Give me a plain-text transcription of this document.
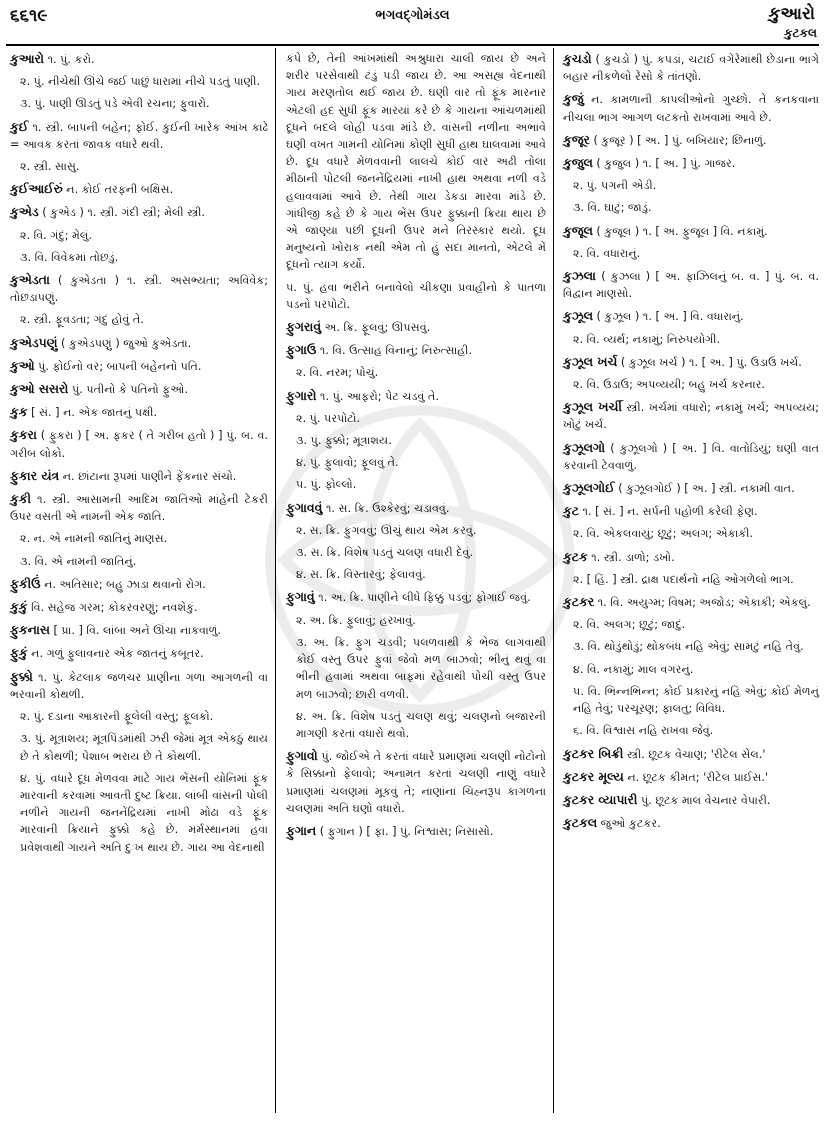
૬૬૧૯	ભગવદ્ગોમંડલ	કુઆરો
કુટકલ
કુઆરો ૧. પું. કરો.
૨. પું. નીચેથી ઊંચે જઈ પાછું ધારામાં નીચે પડતું પાણી.
૩. પું. પાણી ઊડતું પડે એવી રચના; ફુવારો.
કુઈ ૧. સ્ત્રી. બાપની બહેન; ફોઈ. કુઈની ખારેક આંખ કાઢે = આવક કરતાં જાવક વધારે થવી.
૨. સ્ત્રી. સાસુ.
કુઈઆઈરું ન. કોઈ તરફની બક્ષિસ.
કુએડ ( કુએડ ) ૧. સ્ત્રી. ગંદી સ્ત્રી; મેલી સ્ત્રી.
૨. વિ. ગંદું; મેલું.
૩. વિ. વિવેકમાં તોછડું.
કુએડતા ( કુએડતા ) ૧. સ્ત્રી. અસભ્યતા; અવિવેક; તોછડાપણું.
૨. સ્ત્રી. ફૂવડતા; ગંદું હોવું તે.
કુએડપણું ( કુએડપણું ) જુઓ કુએડતા.
કુઓ પું. ફોઈનો વર; બાપની બહેનનો પતિ.
કુઓ સસરો પું. પતીનો કે પતિનો ફુઓ.
કુક [ સં. ] ન. એક જાતનું પક્ષી.
કુકરા ( ફુકરા ) [ અ. ફકર ( તે ગરીબ હતો ) ] પું. બ. વ. ગરીબ લોકો.
ફુકાર યંત્ર ન. છાંટાના રૂપમાં પાણીને ફેંકનાર સંચો.
કુકી ૧. સ્ત્રી. આસામની આદિમ જાતિઓ માંહેની ટેકરી ઉપર વસતી એ નામની એક જાતિ.
૨. ન. એ નામની જાતિનું માણસ.
૩. વિ. એ નામની જાતિનું.
ફુકીઉં ન. અતિસાર; બહુ ઝાડા થવાનો રોગ.
કુકું વિ. સહેજ ગરમ; કોકરવરણું; નવશેકું.
ફુકનાસ [ પ્રા. ] વિ. લાંબા અને ઊંચા નાકવાળું.
ફુકું ન. ગળું ફુલાવનાર એક જાતનું કબૂતર.
ફુક્કો ૧. પું. કેટલાક જળચર પ્રાણીના ગળા આગળની વા ભરવાની કોથળી.
૨. પું. દડાના આકારની ફૂલેલી વસ્તુ; ફૂલકો.
૩. પું. મૂત્રાશય; મૂત્રપિંડમાંથી ઝરી જેમાં મૂત્ર એકઠું થાય છે તે કોથળી; પેશાબ ભરાય છે તે કોથળી.
૪. પું. વધારે દૂધ મેળવવા માટે ગાય ભેંસની યોનિમાં ફૂંક મારવાની કરવામાં આવતી દુષ્ટ ક્રિયા. લાંબી વાંસની પોલી નળીને ગાયની જનનેંદ્રિયમાં નાખી મોઢા વડે ફૂંક મારવાની ક્રિયાને ફુક્કો કહે છે. મર્મસ્થાનમાં હવા પ્રવેશવાથી ગાયને અતિ દુઃખ થાય છે. ગાય આ વેદનાથી
કંપે છે, તેની આંખમાંથી અશ્રુધારા ચાલી જાય છે અને શરીર પરસેવાથી ટંડું પડી જાય છે. આ અસહ્ય વેદનાથી ગાય મરણતોલ થઈ જાય છે. ઘણી વાર તો ફૂંક મારનાર એટલી હદ સુધી ફૂંક મારયાં કરે છે કે ગાયના આંચળમાંથી દૂધને બદલે લોહી પડવા માંડે છે. વાંસની નળીના અભાવે ઘણી વખત ગામની યોનિમાં કોણી સુધી હાથ ઘાલવામાં આવે છે. દૂધ વધારે મેળવવાની લાલચે કોઈ વાર અઢી તોલા મીઠાની પોટલી જનનેંદ્રિયમાં નાખી હાથ અથવા નળી વડે હલાવવામાં આવે છે. તેથી ગાય ડેકડા મારવા માંડે છે. ગાંધીજી કહે છે કે ગાય ભેંસ ઉપર ફુક્કાની ક્રિયા થાય છે એ જાણ્યા પછી દૂધની ઉપર મને તિરસ્કાર થયો. દૂધ મનુષ્યનો ખોરાક નથી એમ તો હું સદા માનતો, એટલે મેં દૂધનો ત્યાગ કર્યો.
૫. પું. હવા ભરીને બનાવેલો ચીકણા પ્રવાહીનો કે પાતળા પડનો પરપોટો.
ફુગરાવું અ. ક્રિ. ફૂલવું; ઊપસવું.
ફુગાઉ ૧. વિ. ઉત્સાહ વિનાનું; નિરુત્સાહી.
૨. વિ. નરમ; પોચું.
ફુગારો ૧. પું. આફરો; પેટ ચડવું તે.
૨. પું. પરપોટો.
૩. પું. ફુક્કો; મૂત્રાશય.
૪. પું. ફુલાવો; ફૂલવું તે.
૫. પું. ફોલ્લો.
ફુગાવવું ૧. સ. ક્રિ. ઉશ્કેરવું; ચડાવવું.
૨. સ. ક્રિ. ફુગવવું; ઊંચું થાય એમ કરવું.
૩. સ. ક્રિ. વિશેષ પડતું ચલણ વધારી દેવું.
૪. સ. ક્રિ. વિસ્તારવું; ફેલાવવું.
ફુગાવું ૧. અ. ક્રિ. પાણીને લીધે ફિક્કું પડવું; ફોગાઈ જવું.
૨. અ. ક્રિ. ફુલાવું; હરખાવું.
૩. અ. ક્રિ. ફુગ ચડવી; પલળવાથી કે ભેજ લાગવાથી કોઈ વસ્તુ ઉપર ફુવાં જેવો મળ બાઝવો; ભીનું થવું વા ભીની હવામાં અથવા બાફમાં રહેવાથી પોચી વસ્તુ ઉપર મળ બાઝવો; છારી વળવી.
૪. અ. ક્રિ. વિશેષ પડતું ચલણ થવું; ચલણનો બજારની માગણી કરતાં વધારો થવો.
ફુગાવો પું. જોઈએ તે કરતાં વધારે પ્રમાણમાં ચલણી નોટોનો કે સિક્કાનો ફેલાવો; અનામત કરતાં ચલણી નાણું વધારે પ્રમાણમાં ચલણમાં મૂકવું તે; નાણાંના ચિહ્નરૂપ કાગળના ચલણમાં અતિ ઘણો વધારો.
ફુગાન ( ફુગાન ) [ ફા. ] પું. નિશ્વાસ; નિસાસો.
કુચડો ( કુચડો ) પું. કપડાં, ચટાઈ વગેરેમાંથી છેડાના ભાગે બહાર નીકળેલો રેસો કે તાંતણો.
કુજું ન. કામળાની કાપલીઓનો ગુચ્છો. તે કનકવાના નીચલા ભાગ આગળ લટકતો રાખવામાં આવે છે.
કુજૂર ( કુજૂર ) [ અ. ] પું. બખિયાર; છિનાળું.
કુજુલ ( કુજુલ ) ૧. [ અ. ] પું. ગાજર.
૨. પું. પગની એડી.
૩. વિ. ઘાટું; જાડું.
કુજૂલ ( કુજૂલ ) ૧. [ અ. ફુજૂલ ] વિ. નકામું.
૨. વિ. વધારાનું.
કુઝલા ( કુઝલા ) [ અ. ફાઝિલનું બ. વ. ] પું. બ. વ. વિદ્વાન માણસો.
કુઝૂલ ( કુઝૂલ ) ૧. [ અ. ] વિ. વધારાનું.
૨. વિ. વ્યર્થ; નકામું; નિરુપયોગી.
કુઝૂલ ખર્ચ ( કુઝૂલ ખર્ચ ) ૧. [ અ. ] પું. ઉડાઉ ખર્ચ.
૨. વિ. ઉડાઉ; અપવ્યયી; બહુ ખર્ચ કરનાર.
કુઝૂલ ખર્ચી સ્ત્રી. ખર્ચમાં વધારો; નકામું ખર્ચ; અપવ્યય; ખોટું ખર્ચ.
કુઝૂલગો ( કુઝૂલગો ) [ અ. ] વિ. વાતોડિયું; ઘણી વાત કરવાની ટેવવાળું.
કુઝૂલગોઈ ( કુઝૂલગોઈ ) [ અ. ] સ્ત્રી. નકામી વાત.
કુટ ૧. [ સં. ] ન. સર્પની પહોળી કરેલી ફેણ.
૨. વિ. એકલવાયું; છૂટું; અલગ; એકાકી.
કુટક ૧. સ્ત્રી. ડાળો; ડખો.
૨. [ હિં. ] સ્ત્રી. દ્રાક્ષ પદાર્થનો નહિ ઓગળેલો ભાગ.
કુટકર ૧. વિ. અયુગ્મ; વિષમ; અજોડ; એકાકી; એકલું.
૨. વિ. અલગ; છૂટું; જાદું.
૩. વિ. થોડુંથોડું; થોકબંધ નહિ એવું; સામટું નહિ તેવું.
૪. વિ. નકામું; માલ વગરનું.
૫. વિ. ભિન્નભિન્ન; કોઈ પ્રકારનું નહિ એવું; કોઈ મેળનું નહિ તેવું; પરચૂરણ; ફાલતુ; વિવિધ.
૬. વિ. વિશ્વાસ નહિ રાખવા જેવું.
કુટકર બિક્રી સ્ત્રી. છૂટક વેચાણ; 'રીટેલ સેલ.'
કુટકર મૂલ્ય ન. છૂટક કીમત; 'રીટેલ પ્રાઈસ.'
કુટકર વ્યાપારી પું. છૂટક માલ વેચનાર વેપારી.
કુટકલ જુઓ કુટકર.
